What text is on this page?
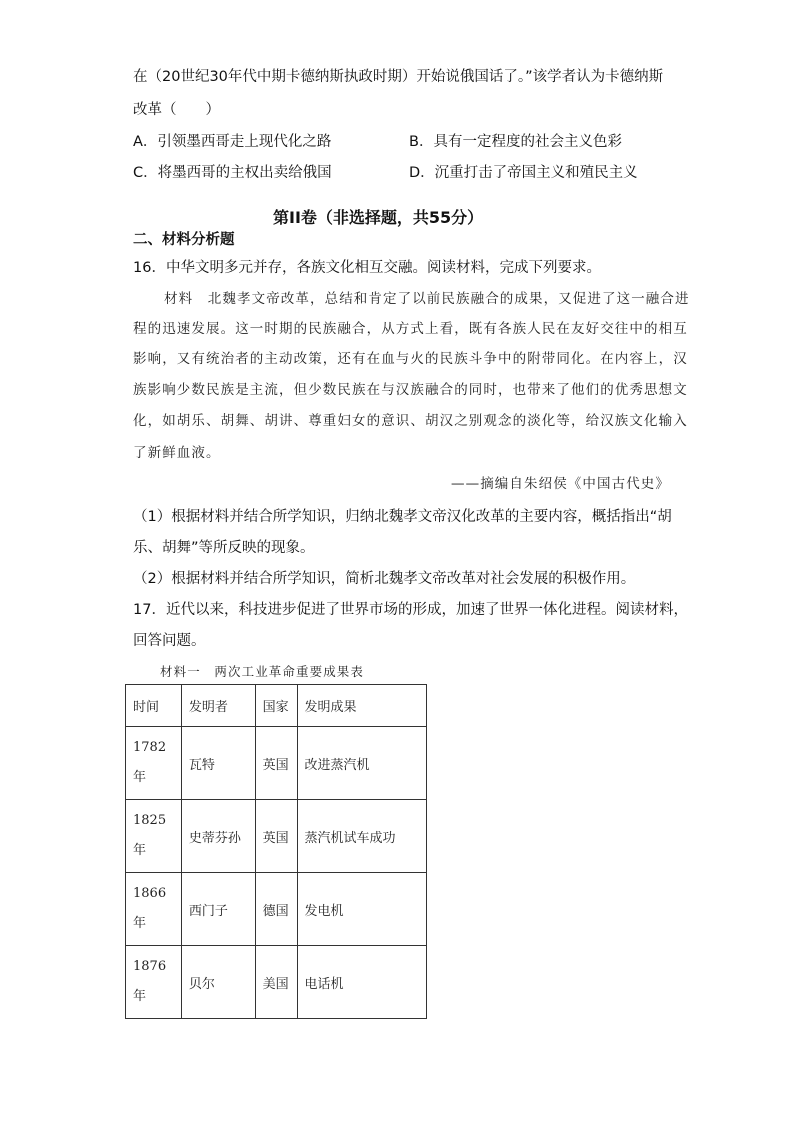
在（20世纪30年代中期卡德纳斯执政时期）开始说俄国话了。”该学者认为卡德纳斯
改革（　　）
A．引领墨西哥走上现代化之路	B．具有一定程度的社会主义色彩
C．将墨西哥的主权出卖给俄国	D．沉重打击了帝国主义和殖民主义
第II卷（非选择题，共55分）
二、材料分析题
16．中华文明多元并存，各族文化相互交融。阅读材料，完成下列要求。
材料　北魏孝文帝改革，总结和肯定了以前民族融合的成果，又促进了这一融合进
程的迅速发展。这一时期的民族融合，从方式上看，既有各族人民在友好交往中的相互
影响，又有统治者的主动改策，还有在血与火的民族斗争中的附带同化。在内容上，汉
族影响少数民族是主流，但少数民族在与汉族融合的同时，也带来了他们的优秀思想文
化，如胡乐、胡舞、胡讲、尊重妇女的意识、胡汉之别观念的淡化等，给汉族文化输入
了新鲜血液。
——摘编自朱绍侯《中国古代史》
（1）根据材料并结合所学知识，归纳北魏孝文帝汉化改革的主要内容，概括指出“胡
乐、胡舞”等所反映的现象。
（2）根据材料并结合所学知识，简析北魏孝文帝改革对社会发展的积极作用。
17．近代以来，科技进步促进了世界市场的形成，加速了世界一体化进程。阅读材料，
回答问题。
材料一　两次工业革命重要成果表
时间	发明者	国家	发明成果

1782
年	瓦特	英国	改进蒸汽机

1825
年	史蒂芬孙	英国	蒸汽机试车成功

1866
年	西门子	德国	发电机

1876
年	贝尔	美国	电话机
